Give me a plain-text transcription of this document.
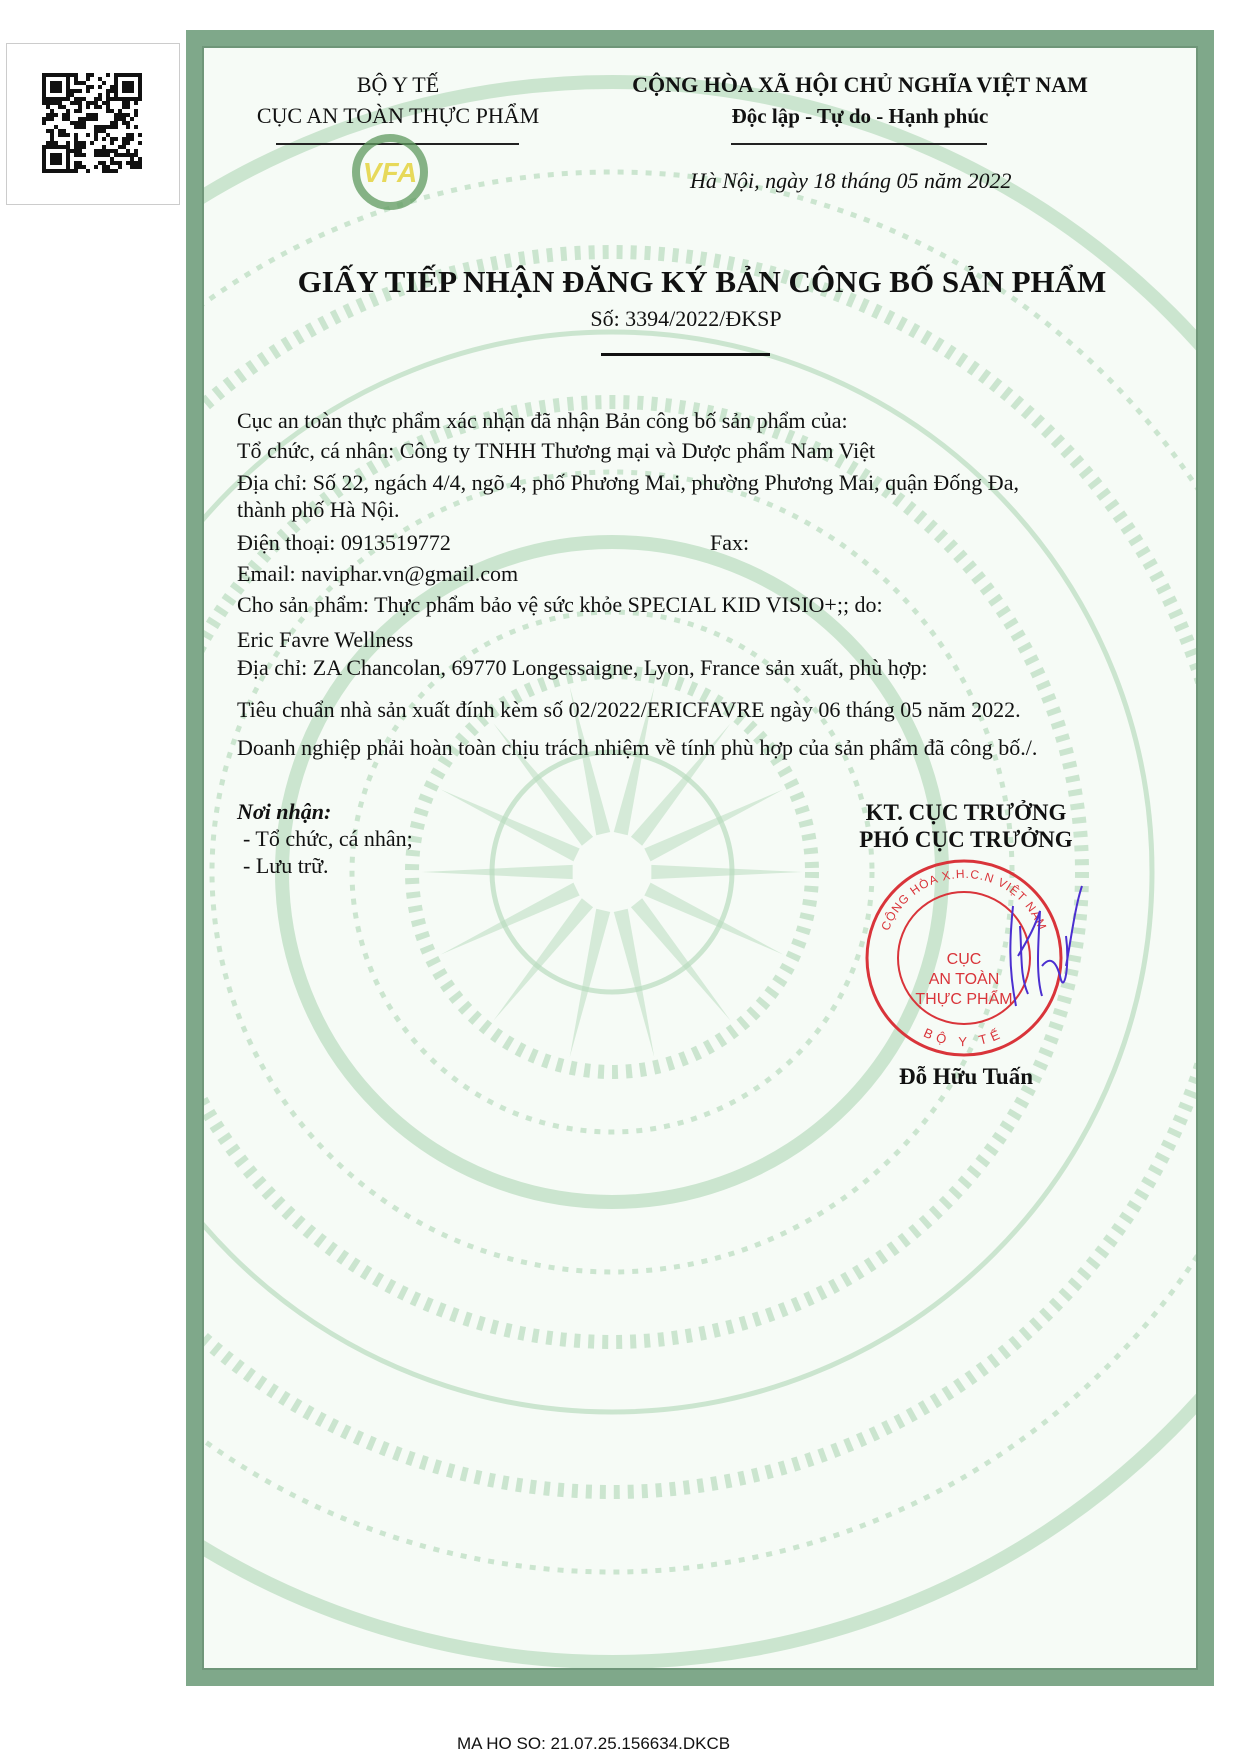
BỘ Y TẾ
CỤC AN TOÀN THỰC PHẨM
VFA
CỘNG HÒA XÃ HỘI CHỦ NGHĨA VIỆT NAM
Độc lập - Tự do - Hạnh phúc
Hà Nội, ngày 18 tháng 05 năm 2022
GIẤY TIẾP NHẬN ĐĂNG KÝ BẢN CÔNG BỐ SẢN PHẨM
Số: 3394/2022/ĐKSP
Cục an toàn thực phẩm xác nhận đã nhận Bản công bố sản phẩm của:
Tổ chức, cá nhân: Công ty TNHH Thương mại và Dược phẩm Nam Việt
Địa chỉ: Số 22, ngách 4/4, ngõ 4, phố Phương Mai, phường Phương Mai, quận Đống Đa,
thành phố Hà Nội.
Điện thoại: 0913519772	Fax:
Email: naviphar.vn@gmail.com
Cho sản phẩm: Thực phẩm bảo vệ sức khỏe SPECIAL KID VISIO+;; do:
Eric Favre Wellness
Địa chỉ: ZA Chancolan, 69770 Longessaigne, Lyon, France sản xuất, phù hợp:
Tiêu chuẩn nhà sản xuất đính kèm số 02/2022/ERICFAVRE ngày 06 tháng 05 năm 2022.
Doanh nghiệp phải hoàn toàn chịu trách nhiệm về tính phù hợp của sản phẩm đã công bố./.
Nơi nhận:
- Tổ chức, cá nhân;
- Lưu trữ.
KT. CỤC TRƯỞNG
PHÓ CỤC TRƯỞNG
CỘNG HÒA X.H.C.N VIỆT NAM
BỘ Y TẾ
CỤC
AN TOÀN
THỰC PHẨM
Đỗ Hữu Tuấn
MA HO SO: 21.07.25.156634.DKCB
